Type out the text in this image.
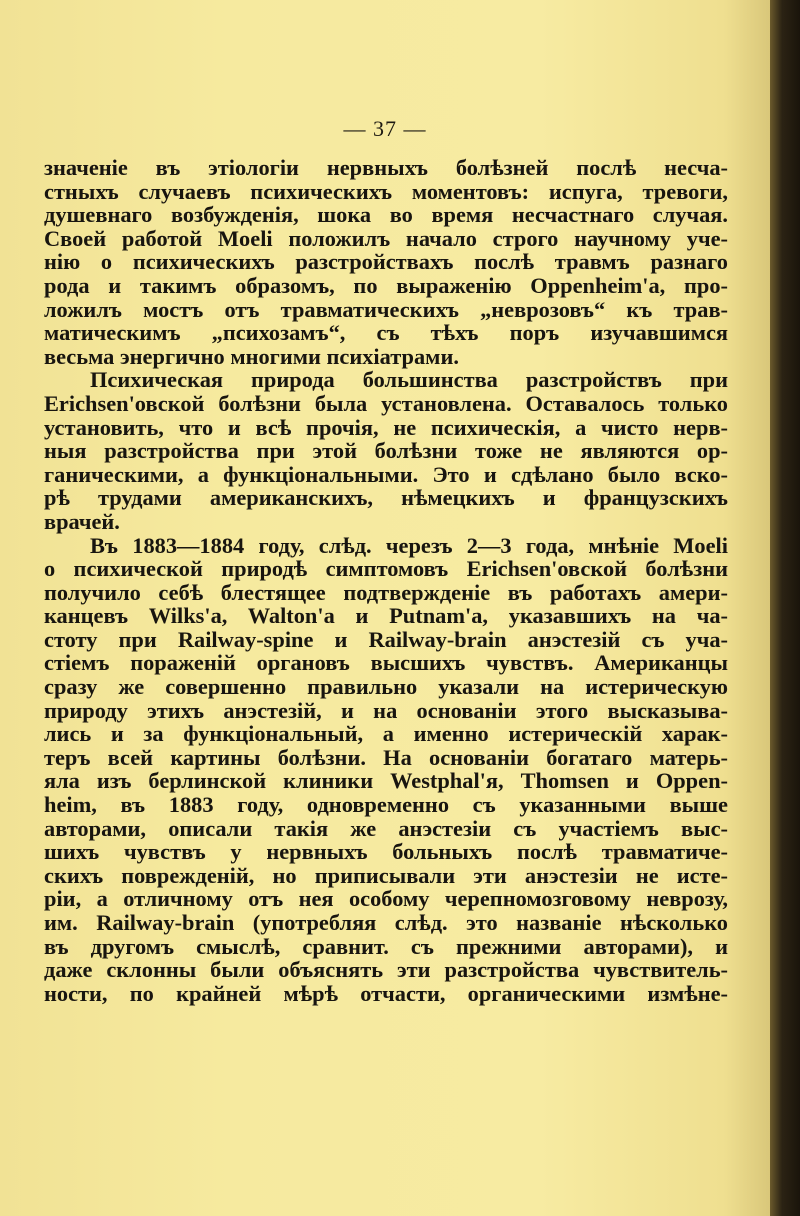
— 37 —
значеніе въ этіологіи нервныхъ болѣзней послѣ несча-
стныхъ случаевъ психическихъ моментовъ: испуга, тревоги,
душевнаго возбужденія, шока во время несчастнаго случая.
Своей работой Moeli положилъ начало строго научному уче-
нію о психическихъ разстройствахъ послѣ травмъ разнаго
рода и такимъ образомъ, по выраженію Oppenheim'a, про-
ложилъ мостъ отъ травматическихъ „неврозовъ“ къ трав-
матическимъ „психозамъ“, съ тѣхъ поръ изучавшимся
весьма энергично многими психіатрами.
Психическая природа большинства разстройствъ при
Erichsen'овской болѣзни была установлена. Оставалось только
установить, что и всѣ прочія, не психическія, а чисто нерв-
ныя разстройства при этой болѣзни тоже не являются ор-
ганическими, а функціональными. Это и сдѣлано было вско-
рѣ трудами американскихъ, нѣмецкихъ и французскихъ
врачей.
Въ 1883—1884 году, слѣд. черезъ 2—3 года, мнѣніе Moeli
о психической природѣ симптомовъ Erichsen'овской болѣзни
получило себѣ блестящее подтвержденіе въ работахъ амери-
канцевъ Wilks'a, Walton'a и Putnam'a, указавшихъ на ча-
стоту при Railway-spine и Railway-brain анэстезій съ уча-
стіемъ пораженій органовъ высшихъ чувствъ. Американцы
сразу же совершенно правильно указали на истерическую
природу этихъ анэстезій, и на основаніи этого высказыва-
лись и за функціональный, а именно истерическій харак-
теръ всей картины болѣзни. На основаніи богатаго матерь-
яла изъ берлинской клиники Westphal'я, Thomsen и Oppen-
heim, въ 1883 году, одновременно съ указанными выше
авторами, описали такія же анэстезіи съ участіемъ выс-
шихъ чувствъ у нервныхъ больныхъ послѣ травматиче-
скихъ поврежденій, но приписывали эти анэстезіи не исте-
ріи, а отличному отъ нея особому черепномозговому неврозу,
им. Railway-brain (употребляя слѣд. это названіе нѣсколько
въ другомъ смыслѣ, сравнит. съ прежними авторами), и
даже склонны были объяснять эти разстройства чувствитель-
ности, по крайней мѣрѣ отчасти, органическими измѣне-
